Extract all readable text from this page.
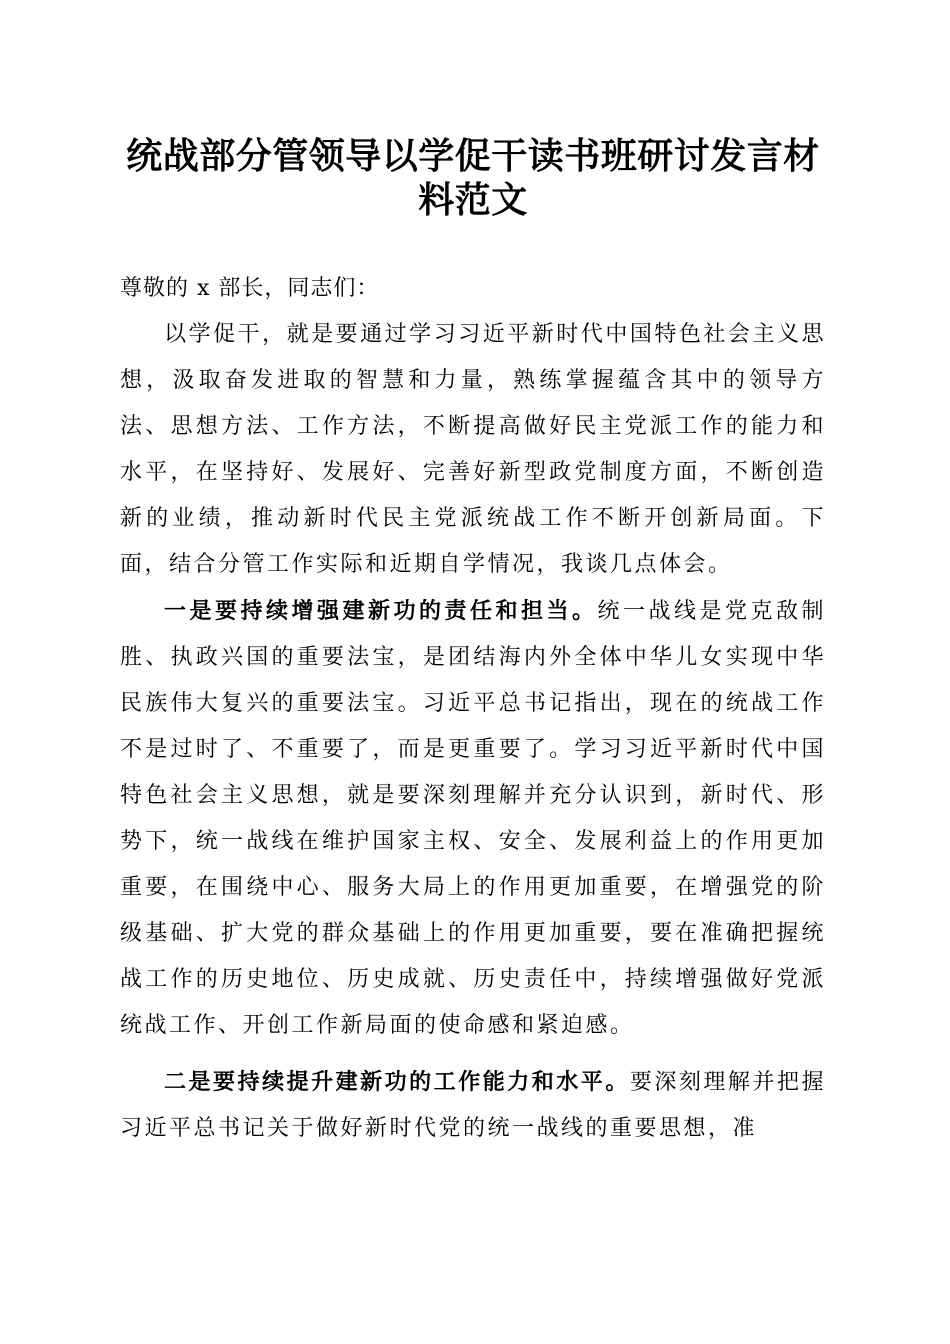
统战部分管领导以学促干读书班研讨发言材料范文

尊敬的 x 部长，同志们：

以学促干，就是要通过学习习近平新时代中国特色社会主义思想，汲取奋发进取的智慧和力量，熟练掌握蕴含其中的领导方法、思想方法、工作方法，不断提高做好民主党派工作的能力和水平，在坚持好、发展好、完善好新型政党制度方面，不断创造新的业绩，推动新时代民主党派统战工作不断开创新局面。下面，结合分管工作实际和近期自学情况，我谈几点体会。

一是要持续增强建新功的责任和担当。统一战线是党克敌制胜、执政兴国的重要法宝，是团结海内外全体中华儿女实现中华民族伟大复兴的重要法宝。习近平总书记指出，现在的统战工作不是过时了、不重要了，而是更重要了。学习习近平新时代中国特色社会主义思想，就是要深刻理解并充分认识到，新时代、形势下，统一战线在维护国家主权、安全、发展利益上的作用更加重要，在围绕中心、服务大局上的作用更加重要，在增强党的阶级基础、扩大党的群众基础上的作用更加重要，要在准确把握统战工作的历史地位、历史成就、历史责任中，持续增强做好党派统战工作、开创工作新局面的使命感和紧迫感。

二是要持续提升建新功的工作能力和水平。要深刻理解并把握习近平总书记关于做好新时代党的统一战线的重要思想，准
